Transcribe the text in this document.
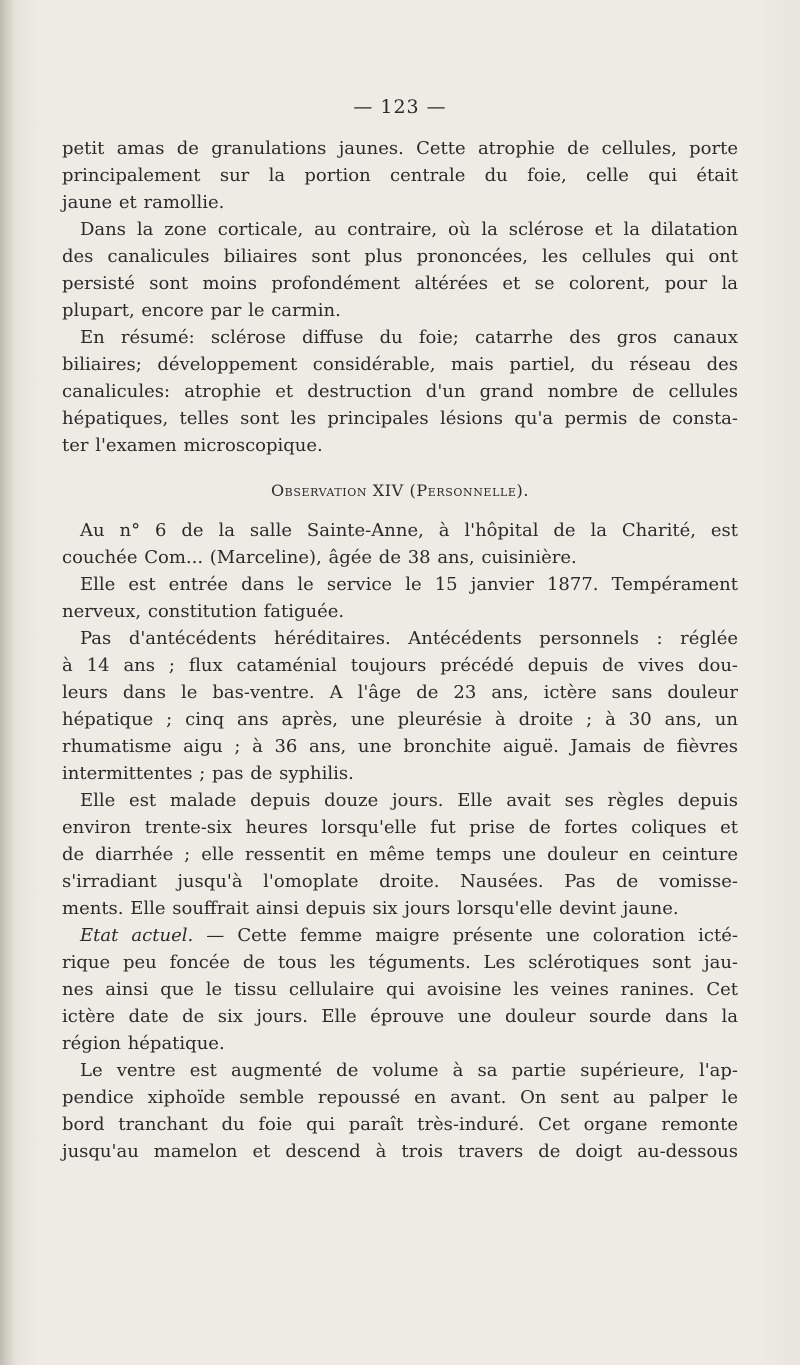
— 123 —
petit amas de granulations jaunes. Cette atrophie de cellules, porte
principalement sur la portion centrale du foie, celle qui était
jaune et ramollie.
Dans la zone corticale, au contraire, où la sclérose et la dilatation
des canalicules biliaires sont plus prononcées, les cellules qui ont
persisté sont moins profondément altérées et se colorent, pour la
plupart, encore par le carmin.
En résumé: sclérose diffuse du foie; catarrhe des gros canaux
biliaires; développement considérable, mais partiel, du réseau des
canalicules: atrophie et destruction d'un grand nombre de cellules
hépatiques, telles sont les principales lésions qu'a permis de consta-
ter l'examen microscopique.
Observation XIV (Personnelle).
Au n° 6 de la salle Sainte-Anne, à l'hôpital de la Charité, est
couchée Com... (Marceline), âgée de 38 ans, cuisinière.
Elle est entrée dans le service le 15 janvier 1877. Tempérament
nerveux, constitution fatiguée.
Pas d'antécédents héréditaires. Antécédents personnels : réglée
à 14 ans ; flux cataménial toujours précédé depuis de vives dou-
leurs dans le bas-ventre. A l'âge de 23 ans, ictère sans douleur
hépatique ; cinq ans après, une pleurésie à droite ; à 30 ans, un
rhumatisme aigu ; à 36 ans, une bronchite aiguë. Jamais de fièvres
intermittentes ; pas de syphilis.
Elle est malade depuis douze jours. Elle avait ses règles depuis
environ trente-six heures lorsqu'elle fut prise de fortes coliques et
de diarrhée ; elle ressentit en même temps une douleur en ceinture
s'irradiant jusqu'à l'omoplate droite. Nausées. Pas de vomisse-
ments. Elle souffrait ainsi depuis six jours lorsqu'elle devint jaune.
Etat actuel. — Cette femme maigre présente une coloration icté-
rique peu foncée de tous les téguments. Les sclérotiques sont jau-
nes ainsi que le tissu cellulaire qui avoisine les veines ranines. Cet
ictère date de six jours. Elle éprouve une douleur sourde dans la
région hépatique.
Le ventre est augmenté de volume à sa partie supérieure, l'ap-
pendice xiphoïde semble repoussé en avant. On sent au palper le
bord tranchant du foie qui paraît très-induré. Cet organe remonte
jusqu'au mamelon et descend à trois travers de doigt au-dessous
